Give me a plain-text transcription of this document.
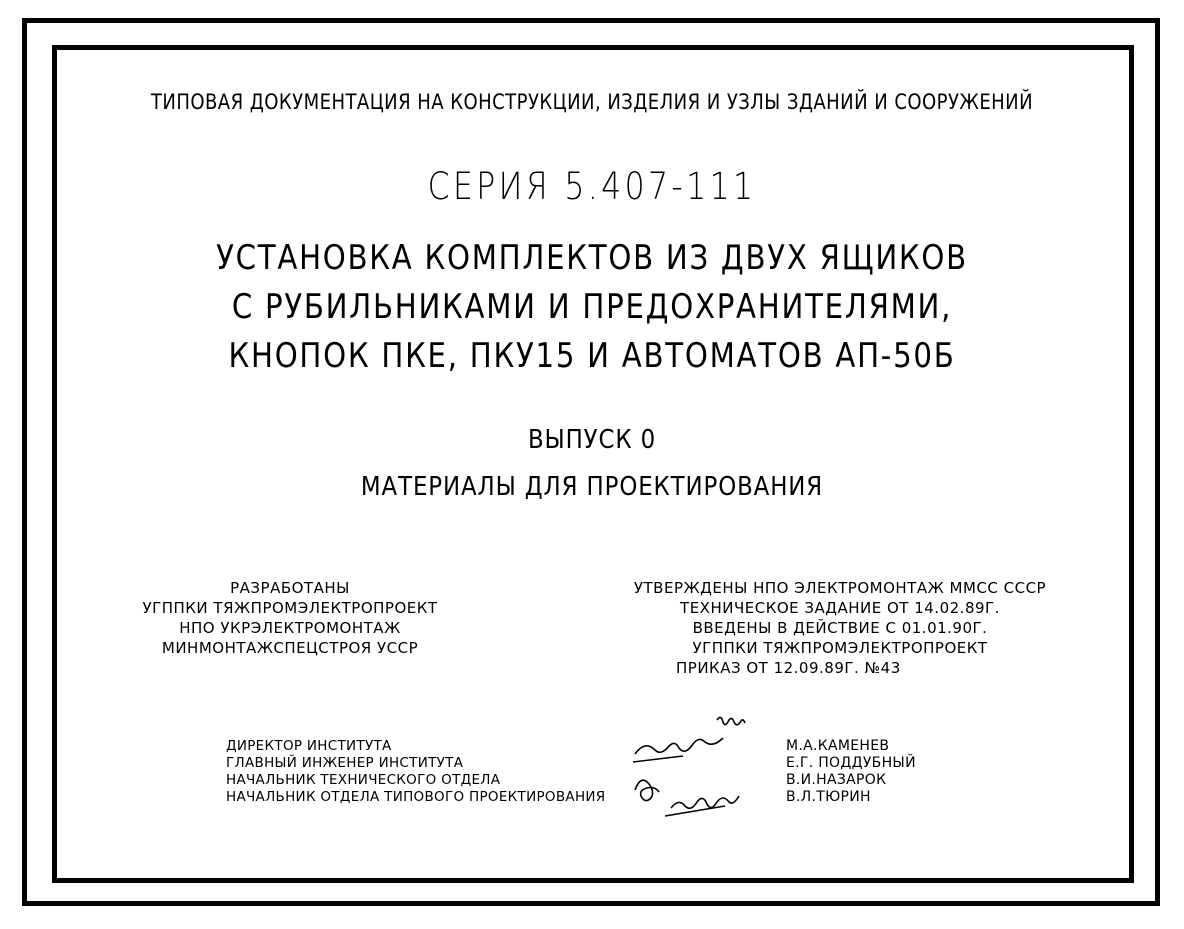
ТИПОВАЯ ДОКУМЕНТАЦИЯ НА КОНСТРУКЦИИ, ИЗДЕЛИЯ И УЗЛЫ ЗДАНИЙ И СООРУЖЕНИЙ
СЕРИЯ 5.407-111
УСТАНОВКА КОМПЛЕКТОВ ИЗ ДВУХ ЯЩИКОВ
С РУБИЛЬНИКАМИ И ПРЕДОХРАНИТЕЛЯМИ,
КНОПОК ПКЕ, ПКУ15 И АВТОМАТОВ АП-50Б
ВЫПУСК 0
МАТЕРИАЛЫ ДЛЯ ПРОЕКТИРОВАНИЯ
РАЗРАБОТАНЫ
УГППКИ ТЯЖПРОМЭЛЕКТРОПРОЕКТ
НПО УКРЭЛЕКТРОМОНТАЖ
МИНМОНТАЖСПЕЦСТРОЯ УССР
УТВЕРЖДЕНЫ НПО ЭЛЕКТРОМОНТАЖ ММСС СССР
ТЕХНИЧЕСКОЕ ЗАДАНИЕ ОТ 14.02.89Г.
ВВЕДЕНЫ В ДЕЙСТВИЕ С 01.01.90Г.
УГППКИ ТЯЖПРОМЭЛЕКТРОПРОЕКТ
ПРИКАЗ ОТ 12.09.89Г. №43
ДИРЕКТОР ИНСТИТУТА
ГЛАВНЫЙ ИНЖЕНЕР ИНСТИТУТА
НАЧАЛЬНИК ТЕХНИЧЕСКОГО ОТДЕЛА
НАЧАЛЬНИК ОТДЕЛА ТИПОВОГО ПРОЕКТИРОВАНИЯ
М.А.КАМЕНЕВ
Е.Г. ПОДДУБНЫЙ
В.И.НАЗАРОК
В.Л.ТЮРИН
